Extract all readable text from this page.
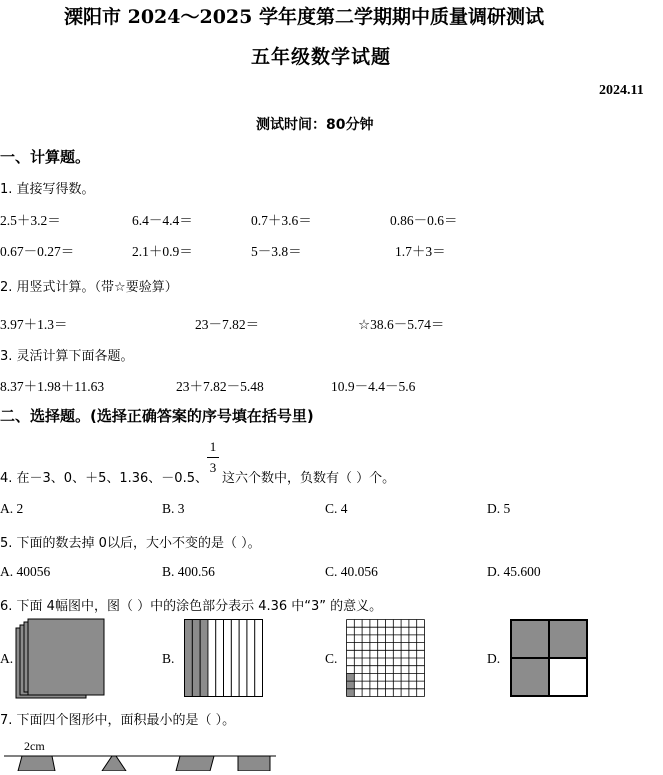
溧阳市 2024～2025 学年度第二学期期中质量调研测试
五年级数学试题
2024.11
测试时间：80分钟
一、计算题。
1. 直接写得数。
2.5＋3.2＝	6.4－4.4＝	0.7＋3.6＝	0.86－0.6＝
0.67－0.27＝	2.1＋0.9＝	5－3.8＝	1.7＋3＝
2. 用竖式计算。（带☆要验算）
3.97＋1.3＝	23－7.82＝	☆38.6－5.74＝
3. 灵活计算下面各题。
8.37＋1.98＋11.63	23＋7.82－5.48	10.9－4.4－5.6
二、选择题。(选择正确答案的序号填在括号里)
4. 在－3、0、＋5、1.36、－0.5、
1
3
这六个数中，负数有（ ）个。
A. 2	B. 3	C. 4	D. 5
5. 下面的数去掉 0以后，大小不变的是（ ）。
A. 40056	B. 400.56	C. 40.056	D. 45.600
6. 下面 4幅图中，图（ ）中的涂色部分表示 4.36 中“3” 的意义。
A.	B.	C.	D.
7. 下面四个图形中，面积最小的是（ ）。
2cm
